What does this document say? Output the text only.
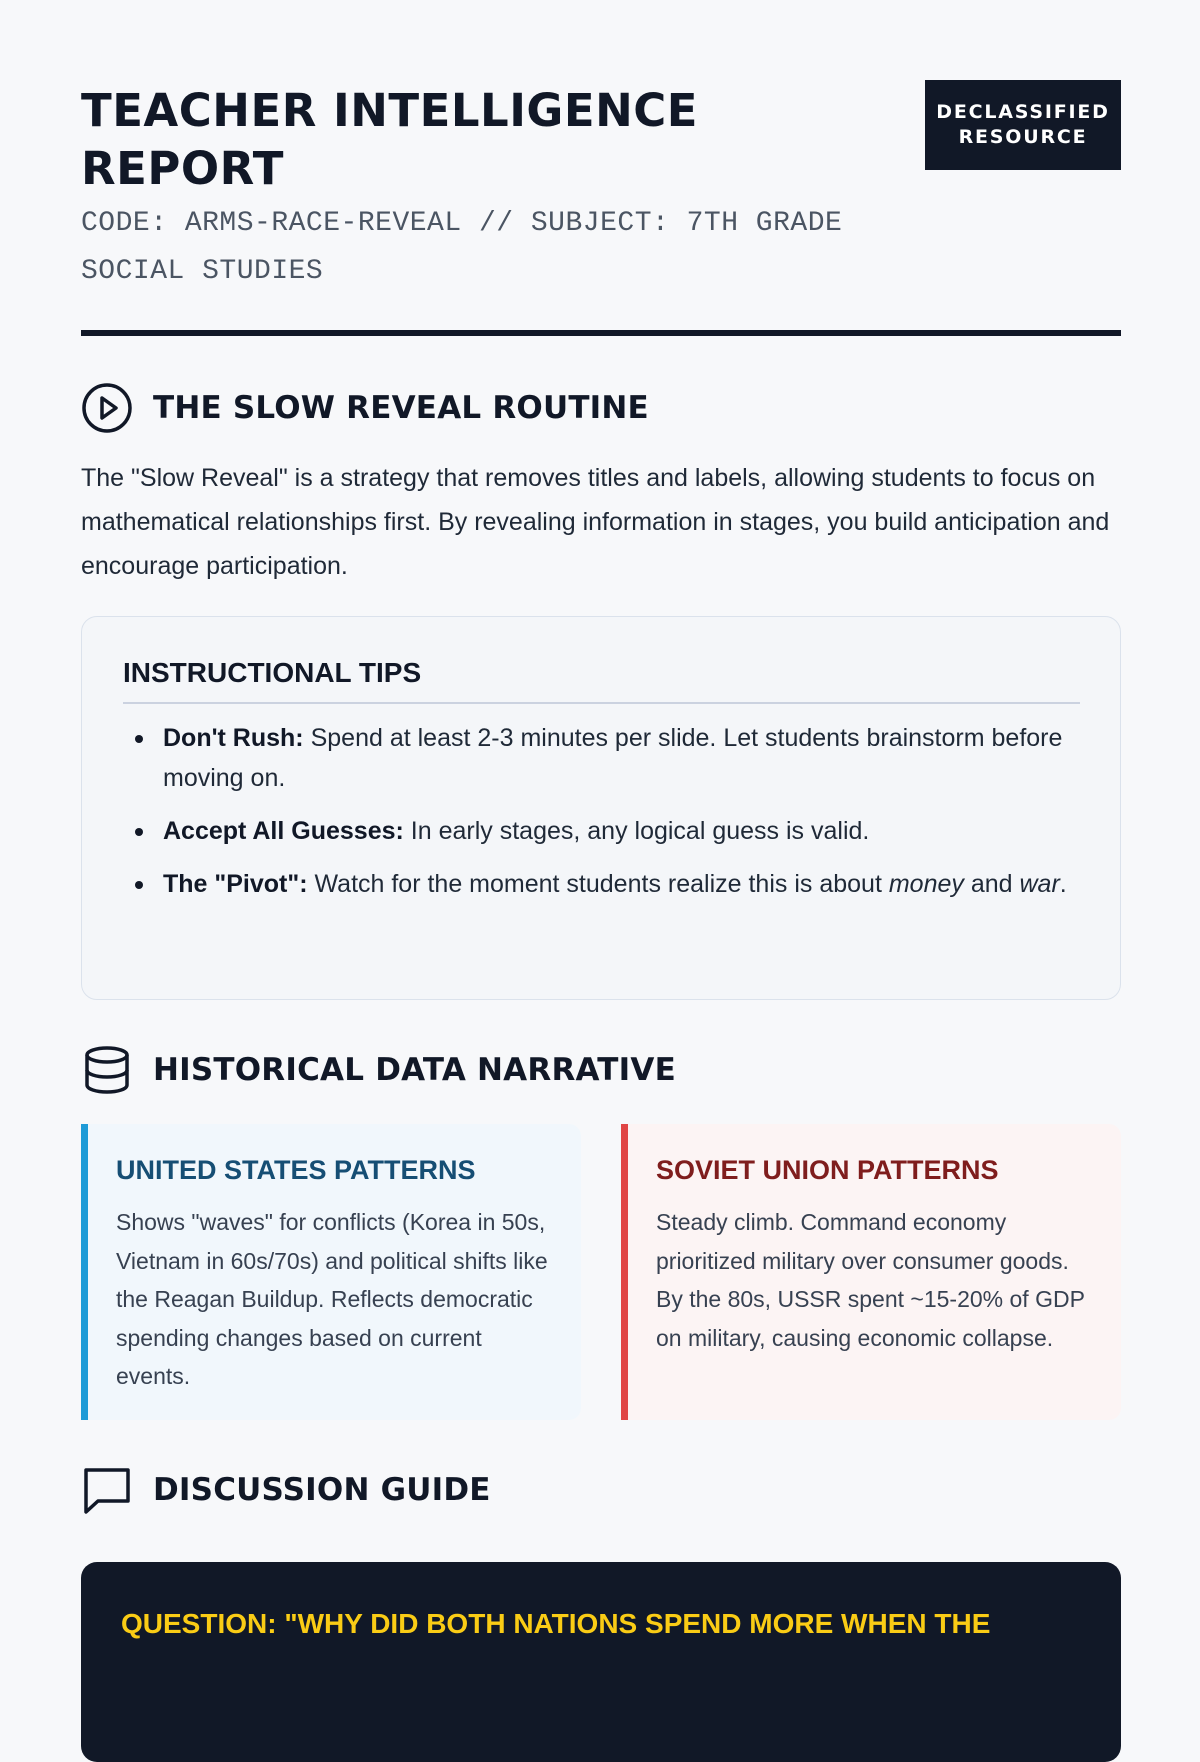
TEACHER INTELLIGENCE REPORT
DECLASSIFIED
RESOURCE
CODE: ARMS-RACE-REVEAL // SUBJECT: 7TH GRADE SOCIAL STUDIES
THE SLOW REVEAL ROUTINE
The "Slow Reveal" is a strategy that removes titles and labels, allowing students to focus on mathematical relationships first. By revealing information in stages, you build anticipation and encourage participation.
INSTRUCTIONAL TIPS
Don't Rush: Spend at least 2-3 minutes per slide. Let students brainstorm before moving on.
Accept All Guesses: In early stages, any logical guess is valid.
The "Pivot": Watch for the moment students realize this is about money and war.
HISTORICAL DATA NARRATIVE
UNITED STATES PATTERNS

Shows "waves" for conflicts (Korea in 50s, Vietnam in 60s/70s) and political shifts like the Reagan Buildup. Reflects democratic spending changes based on current events.

SOVIET UNION PATTERNS

Steady climb. Command economy prioritized military over consumer goods. By the 80s, USSR spent ~15-20% of GDP on military, causing economic collapse.

DISCUSSION GUIDE

QUESTION: "WHY DID BOTH NATIONS SPEND MORE WHEN THE
